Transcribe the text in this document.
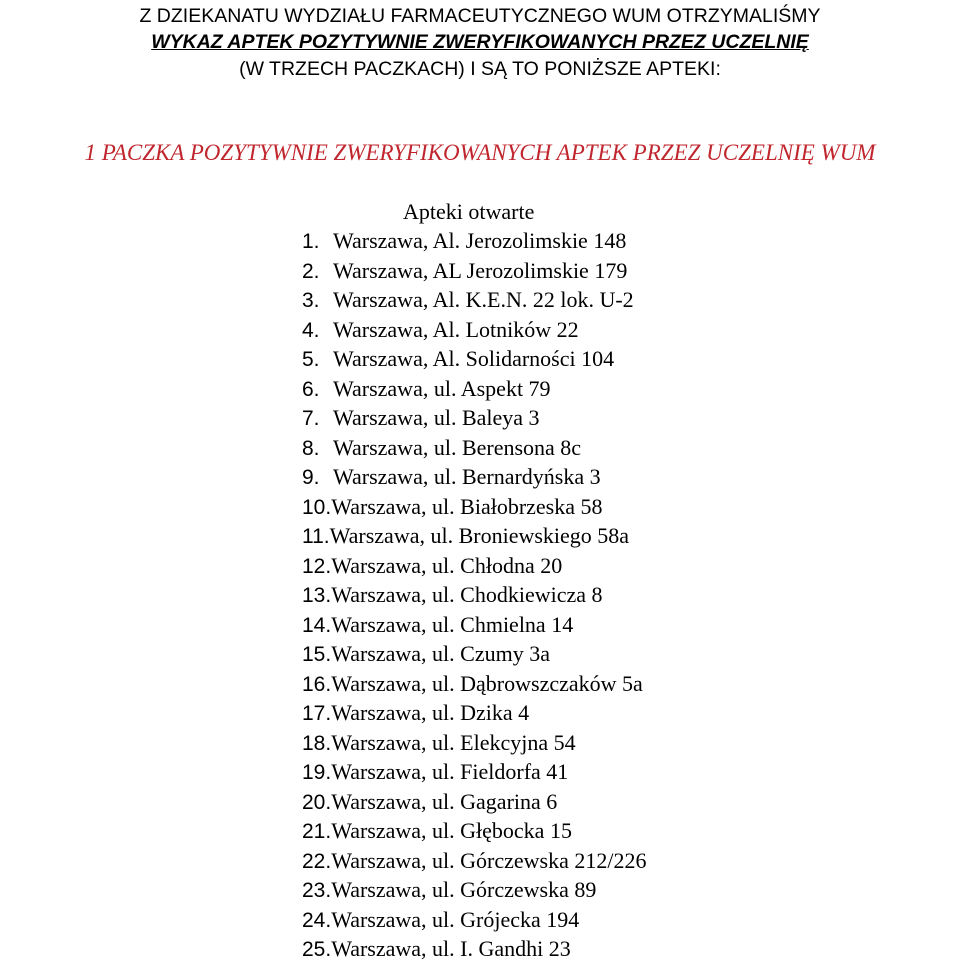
Z DZIEKANATU WYDZIAŁU FARMACEUTYCZNEGO WUM OTRZYMALIŚMY
WYKAZ APTEK POZYTYWNIE ZWERYFIKOWANYCH PRZEZ UCZELNIĘ
(W TRZECH PACZKACH) I SĄ TO PONIŻSZE APTEKI:
1 PACZKA POZYTYWNIE ZWERYFIKOWANYCH APTEK PRZEZ UCZELNIĘ WUM
Apteki otwarte
1. Warszawa, Al. Jerozolimskie 148
2. Warszawa, AL Jerozolimskie 179
3. Warszawa, Al. K.E.N. 22 lok. U-2
4. Warszawa, Al. Lotników 22
5. Warszawa, Al. Solidarności 104
6. Warszawa, ul. Aspekt 79
7. Warszawa, ul. Baleya 3
8. Warszawa, ul. Berensona 8c
9. Warszawa, ul. Bernardyńska 3
10.Warszawa, ul. Białobrzeska 58
11.Warszawa, ul. Broniewskiego 58a
12.Warszawa, ul. Chłodna 20
13.Warszawa, ul. Chodkiewicza 8
14.Warszawa, ul. Chmielna 14
15.Warszawa, ul. Czumy 3a
16.Warszawa, ul. Dąbrowszczaków 5a
17.Warszawa, ul. Dzika 4
18.Warszawa, ul. Elekcyjna 54
19.Warszawa, ul. Fieldorfa 41
20.Warszawa, ul. Gagarina 6
21.Warszawa, ul. Głębocka 15
22.Warszawa, ul. Górczewska 212/226
23.Warszawa, ul. Górczewska 89
24.Warszawa, ul. Grójecka 194
25.Warszawa, ul. I. Gandhi 23
